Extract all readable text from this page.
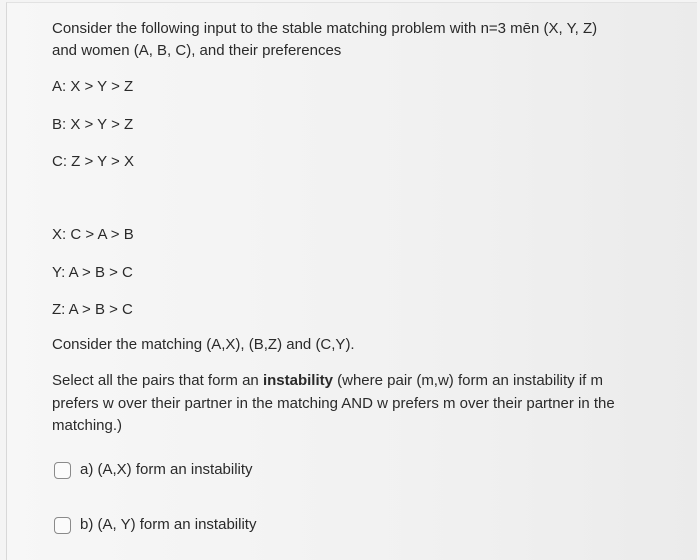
Consider the following input to the stable matching problem with n=3 mēn (X, Y, Z)
and women (A, B, C), and their preferences
A: X > Y > Z
B: X > Y > Z
C: Z > Y > X
X: C > A > B
Y: A > B > C
Z: A > B > C
Consider the matching (A,X), (B,Z) and (C,Y).
Select all the pairs that form an instability (where pair (m,w) form an instability if m prefers w over their partner in the matching AND w prefers m over their partner in the matching.)
a) (A,X) form an instability
b) (A, Y) form an instability
